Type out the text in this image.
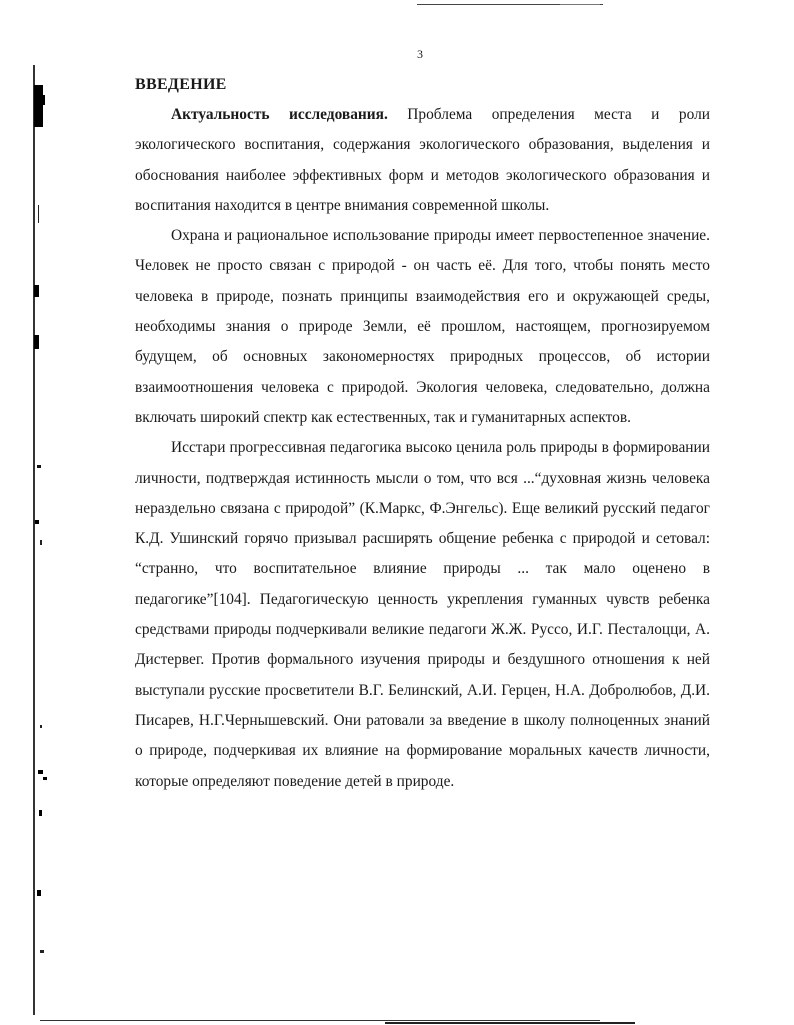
3
ВВЕДЕНИЕ

Актуальность исследования. Проблема определения места и роли экологического воспитания, содержания экологического образования, выделения и обоснования наиболее эффективных форм и методов экологического образования и воспитания находится в центре внимания современной школы.

Охрана и рациональное использование природы имеет первостепенное значение. Человек не просто связан с природой - он часть её. Для того, чтобы понять место человека в природе, познать принципы взаимодействия его и окружающей среды, необходимы знания о природе Земли, её прошлом, настоящем, прогнозируемом будущем, об основных закономерностях природных процессов, об истории взаимоотношения человека с природой. Экология человека, следовательно, должна включать широкий спектр как естественных, так и гуманитарных аспектов.

Исстари прогрессивная педагогика высоко ценила роль природы в формировании личности, подтверждая истинность мысли о том, что вся ...“духовная жизнь человека нераздельно связана с природой” (К.Маркс, Ф.Энгельс). Еще великий русский педагог К.Д. Ушинский горячо призывал расширять общение ребенка с природой и сетовал: “странно, что воспитательное влияние природы ... так мало оценено в педагогике”[104]. Педагогическую ценность укрепления гуманных чувств ребенка средствами природы подчеркивали великие педагоги Ж.Ж. Руссо, И.Г. Песталоцци, А. Дистервег. Против формального изучения природы и бездушного отношения к ней выступали русские просветители В.Г. Белинский, А.И. Герцен, Н.А. Добролюбов, Д.И. Писарев, Н.Г.Чернышевский. Они ратовали за введение в школу полноценных знаний о природе, подчеркивая их влияние на формирование моральных качеств личности, которые определяют поведение детей в природе.
